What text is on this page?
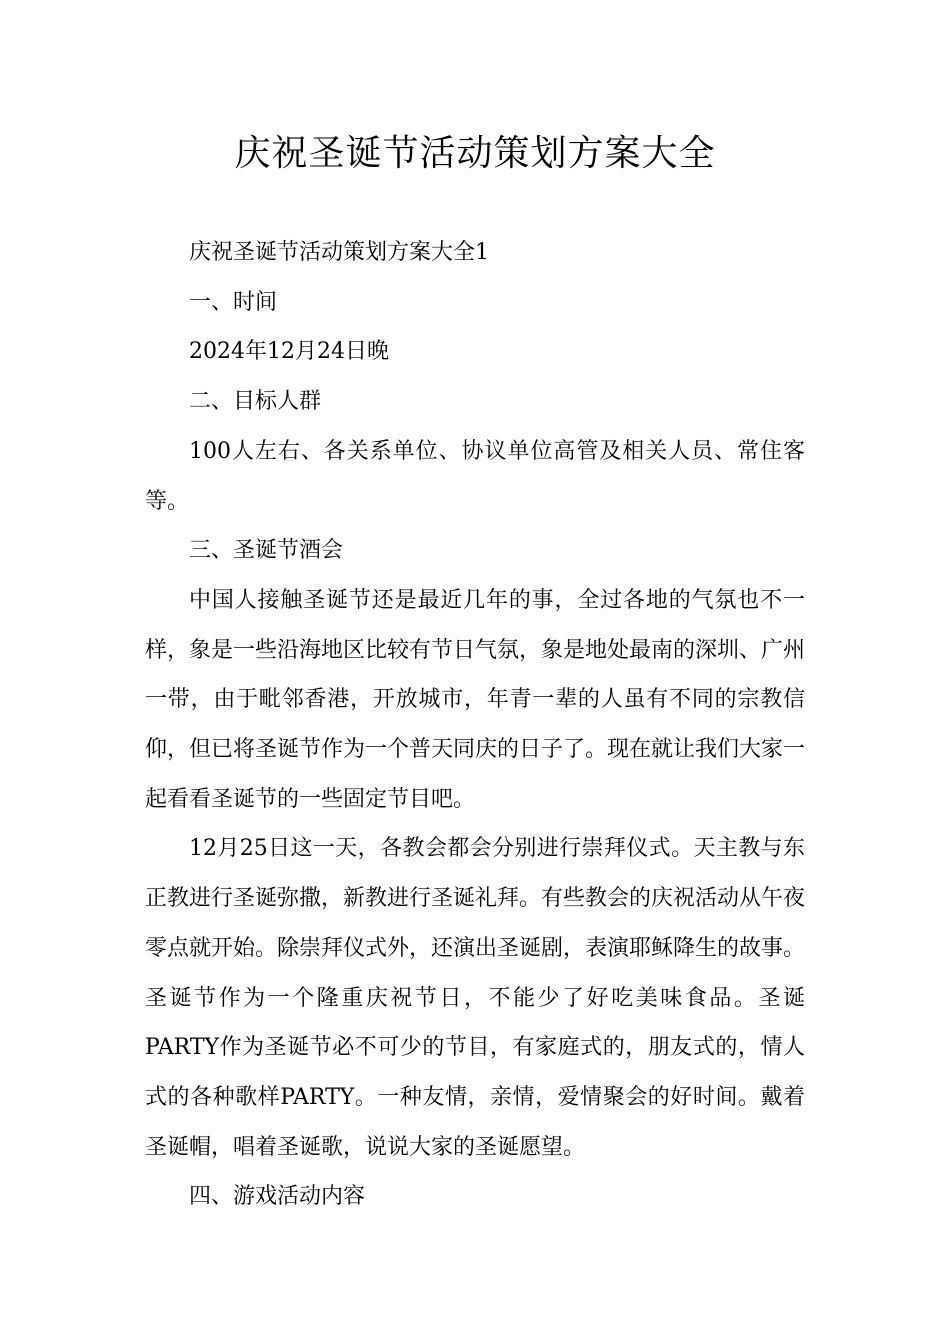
庆祝圣诞节活动策划方案大全

庆祝圣诞节活动策划方案大全1

一、时间

2024年12月24日晚

二、目标人群

100人左右、各关系单位、协议单位高管及相关人员、常住客等。

三、圣诞节酒会

中国人接触圣诞节还是最近几年的事，全过各地的气氛也不一样，象是一些沿海地区比较有节日气氛，象是地处最南的深圳、广州一带，由于毗邻香港，开放城市，年青一辈的人虽有不同的宗教信仰，但已将圣诞节作为一个普天同庆的日子了。现在就让我们大家一起看看圣诞节的一些固定节目吧。

12月25日这一天，各教会都会分别进行崇拜仪式。天主教与东正教进行圣诞弥撒，新教进行圣诞礼拜。有些教会的庆祝活动从午夜零点就开始。除崇拜仪式外，还演出圣诞剧，表演耶稣降生的故事。圣诞节作为一个隆重庆祝节日，不能少了好吃美味食品。圣诞PARTY作为圣诞节必不可少的节目，有家庭式的，朋友式的，情人式的各种歌样PARTY。一种友情，亲情，爱情聚会的好时间。戴着圣诞帽，唱着圣诞歌，说说大家的圣诞愿望。

四、游戏活动内容
